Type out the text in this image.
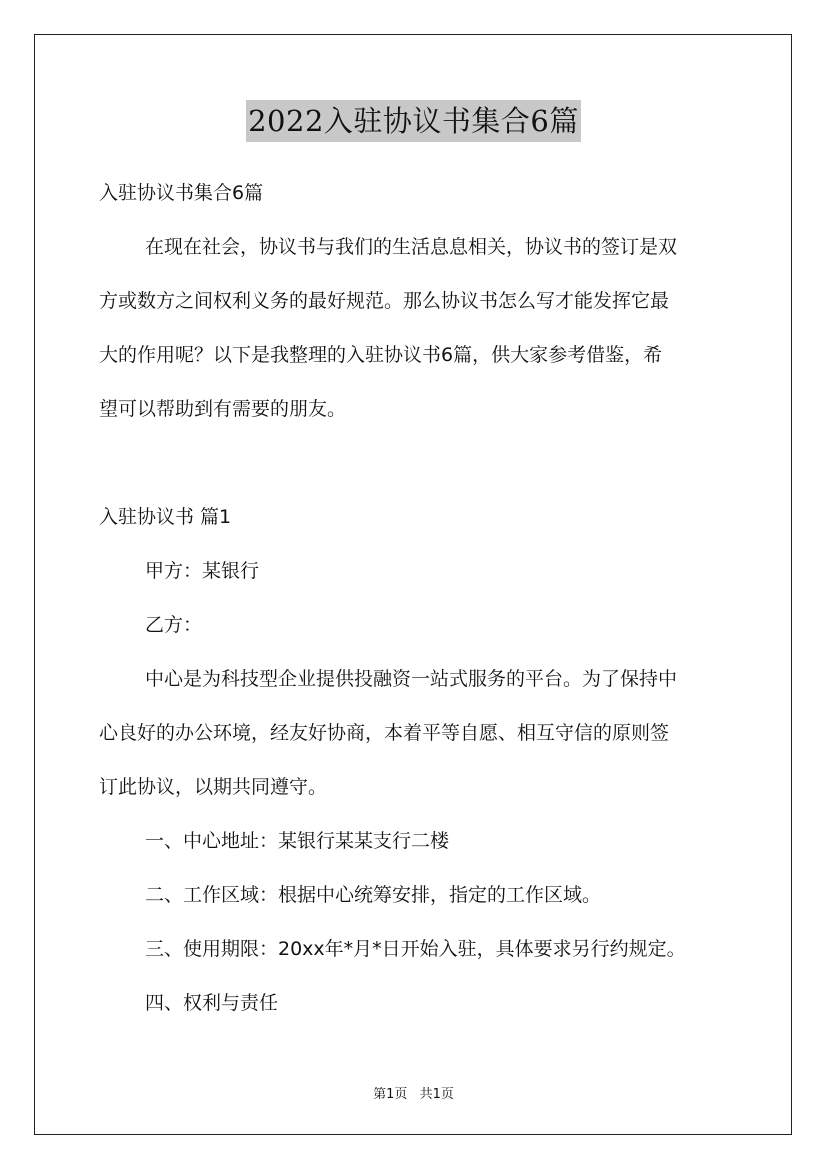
2022入驻协议书集合6篇
入驻协议书集合6篇
在现在社会，协议书与我们的生活息息相关，协议书的签订是双
方或数方之间权利义务的最好规范。那么协议书怎么写才能发挥它最
大的作用呢？以下是我整理的入驻协议书6篇，供大家参考借鉴，希
望可以帮助到有需要的朋友。
入驻协议书 篇1
甲方：某银行
乙方：
中心是为科技型企业提供投融资一站式服务的平台。为了保持中
心良好的办公环境，经友好协商，本着平等自愿、相互守信的原则签
订此协议，以期共同遵守。
一、中心地址：某银行某某支行二楼
二、工作区域：根据中心统筹安排，指定的工作区域。
三、使用期限：20xx年*月*日开始入驻，具体要求另行约规定。
四、权利与责任
第1页 共1页
